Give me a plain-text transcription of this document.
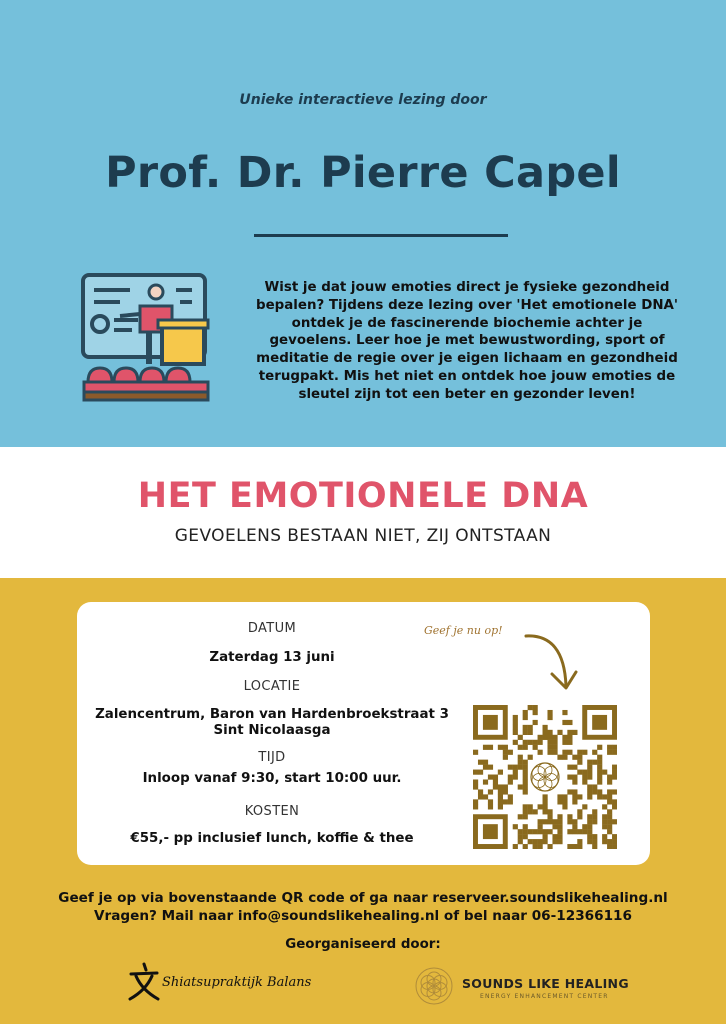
Unieke interactieve lezing door
Prof. Dr. Pierre Capel
Wist je dat jouw emoties direct je fysieke gezondheid
bepalen? Tijdens deze lezing over 'Het emotionele DNA'
ontdek je de fascinerende biochemie achter je
gevoelens. Leer hoe je met bewustwording, sport of
meditatie de regie over je eigen lichaam en gezondheid
terugpakt. Mis het niet en ontdek hoe jouw emoties de
sleutel zijn tot een beter en gezonder leven!
HET EMOTIONELE DNA
GEVOELENS BESTAAN NIET, ZIJ ONTSTAAN
DATUM
Zaterdag 13 juni
LOCATIE
Zalencentrum, Baron van Hardenbroekstraat 3
Sint Nicolaasga
TIJD
Inloop vanaf 9:30, start 10:00 uur.
KOSTEN
€55,- pp inclusief lunch, koffie & thee
Geef je nu op!
Geef je op via bovenstaande QR code of ga naar reserveer.soundslikehealing.nl
Vragen? Mail naar info@soundslikehealing.nl of bel naar 06-12366116
Georganiseerd door:
Shiatsupraktijk Balans	SOUNDS LIKE HEALING
ENERGY ENHANCEMENT CENTER
